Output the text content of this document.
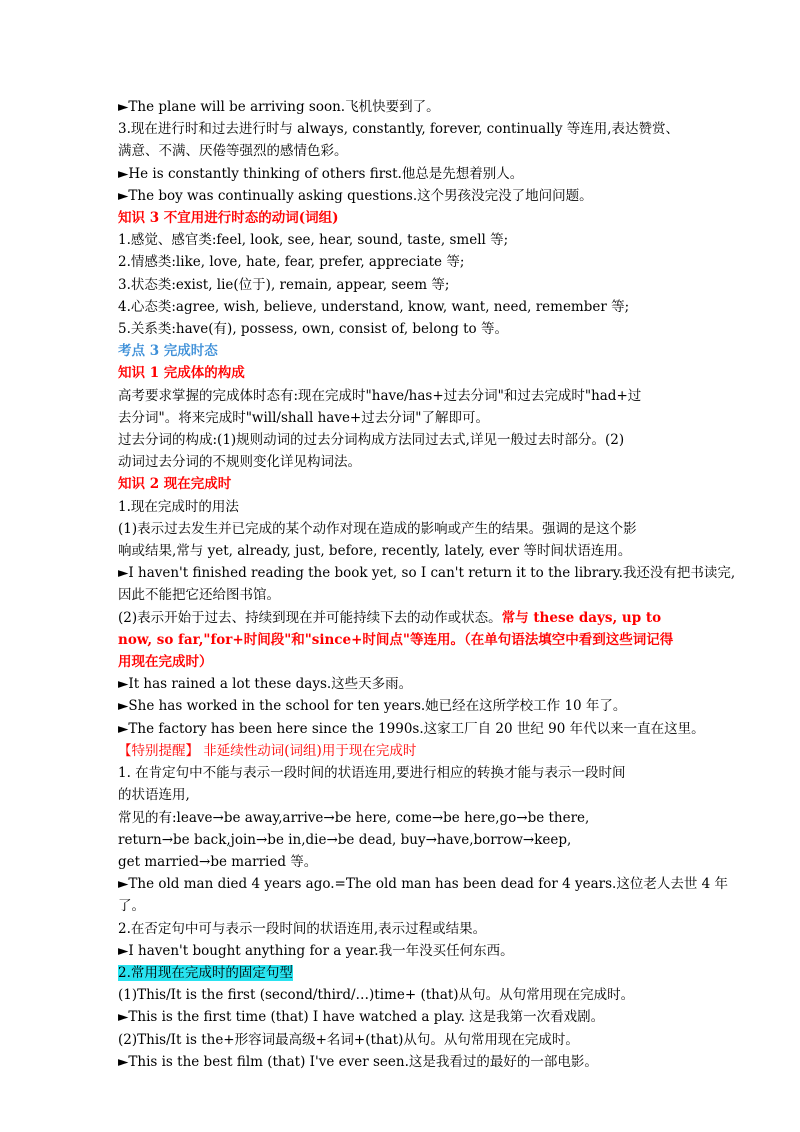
►The plane will be arriving soon.飞机快要到了。
3.现在进行时和过去进行时与 always, constantly, forever, continually 等连用,表达赞赏、
满意、不满、厌倦等强烈的感情色彩。
►He is constantly thinking of others first.他总是先想着别人。
►The boy was continually asking questions.这个男孩没完没了地问问题。
知识 3 不宜用进行时态的动词(词组)
1.感觉、感官类:feel, look, see, hear, sound, taste, smell 等;
2.情感类:like, love, hate, fear, prefer, appreciate 等;
3.状态类:exist, lie(位于), remain, appear, seem 等;
4.心态类:agree, wish, believe, understand, know, want, need, remember 等;
5.关系类:have(有), possess, own, consist of, belong to 等。
考点 3 完成时态
知识 1 完成体的构成
高考要求掌握的完成体时态有:现在完成时"have/has+过去分词"和过去完成时"had+过
去分词"。将来完成时"will/shall have+过去分词"了解即可。
过去分词的构成:(1)规则动词的过去分词构成方法同过去式,详见一般过去时部分。(2)
动词过去分词的不规则变化详见构词法。
知识 2 现在完成时
1.现在完成时的用法
(1)表示过去发生并已完成的某个动作对现在造成的影响或产生的结果。强调的是这个影
响或结果,常与 yet, already, just, before, recently, lately, ever 等时间状语连用。
►I haven't finished reading the book yet, so I can't return it to the library.我还没有把书读完,
因此不能把它还给图书馆。
(2)表示开始于过去、持续到现在并可能持续下去的动作或状态。常与 these days, up to now, so far,"for+时间段"和"since+时间点"等连用。（在单句语法填空中看到这些词记得用现在完成时）
►It has rained a lot these days.这些天多雨。
►She has worked in the school for ten years.她已经在这所学校工作 10 年了。
►The factory has been here since the 1990s.这家工厂自 20 世纪 90 年代以来一直在这里。
【特别提醒】 非延续性动词(词组)用于现在完成时
1. 在肯定句中不能与表示一段时间的状语连用,要进行相应的转换才能与表示一段时间
的状语连用,
常见的有:leave→be away,arrive→be here, come→be here,go→be there,
return→be back,join→be in,die→be dead, buy→have,borrow→keep,
get married→be married 等。
►The old man died 4 years ago.=The old man has been dead for 4 years.这位老人去世 4 年
了。
2.在否定句中可与表示一段时间的状语连用,表示过程或结果。
►I haven't bought anything for a year.我一年没买任何东西。
2.常用现在完成时的固定句型
(1)This/It is the first (second/third/…)time+ (that)从句。从句常用现在完成时。
►This is the first time (that) I have watched a play. 这是我第一次看戏剧。
(2)This/It is the+形容词最高级+名词+(that)从句。从句常用现在完成时。
►This is the best film (that) I've ever seen.这是我看过的最好的一部电影。
